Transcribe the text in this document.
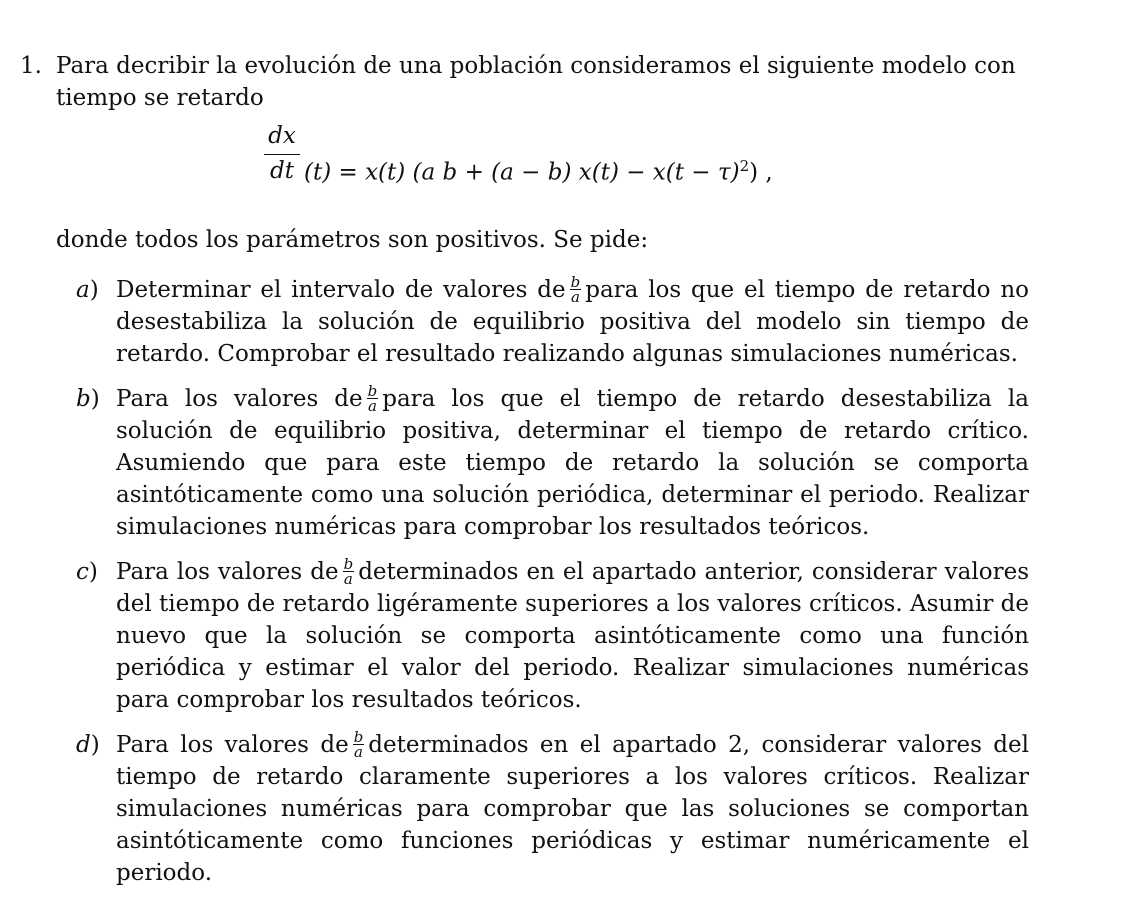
1. Para decribir la evolución de una población consideramos el siguiente modelo con
tiempo se retardo
dx
dt (t) = x(t) (a b + (a − b) $x(t) - x(t - \tau)^2$) ,
donde todos los parámetros son positivos. Se pide:
a) Determinar el intervalo de valores de $\frac{b}{a}$ para los que el tiempo de retardo no desestabiliza la solución de equilibrio positiva del modelo sin tiempo de retardo. Comprobar el resultado realizando algunas simulaciones numéricas.

b) Para los valores de $\frac{b}{a}$ para los que el tiempo de retardo desestabiliza la solución de equilibrio positiva, determinar el tiempo de retardo crítico. Asumiendo que para este tiempo de retardo la solución se comporta asintóticamente como una solución periódica, determinar el periodo. Realizar simulaciones numéricas para comprobar los resultados teóricos.

c) Para los valores de $\frac{b}{a}$ determinados en el apartado anterior, considerar valores del tiempo de retardo ligéramente superiores a los valores críticos. Asumir de nuevo que la solución se comporta asintóticamente como una función periódica y estimar el valor del periodo. Realizar simulaciones numéricas para comprobar los resultados teóricos.

d) Para los valores de $\frac{b}{a}$ determinados en el apartado 2, considerar valores del tiempo de retardo claramente superiores a los valores críticos. Realizar simulaciones numéricas para comprobar que las soluciones se comportan asintóticamente como funciones periódicas y estimar numéricamente el periodo.
